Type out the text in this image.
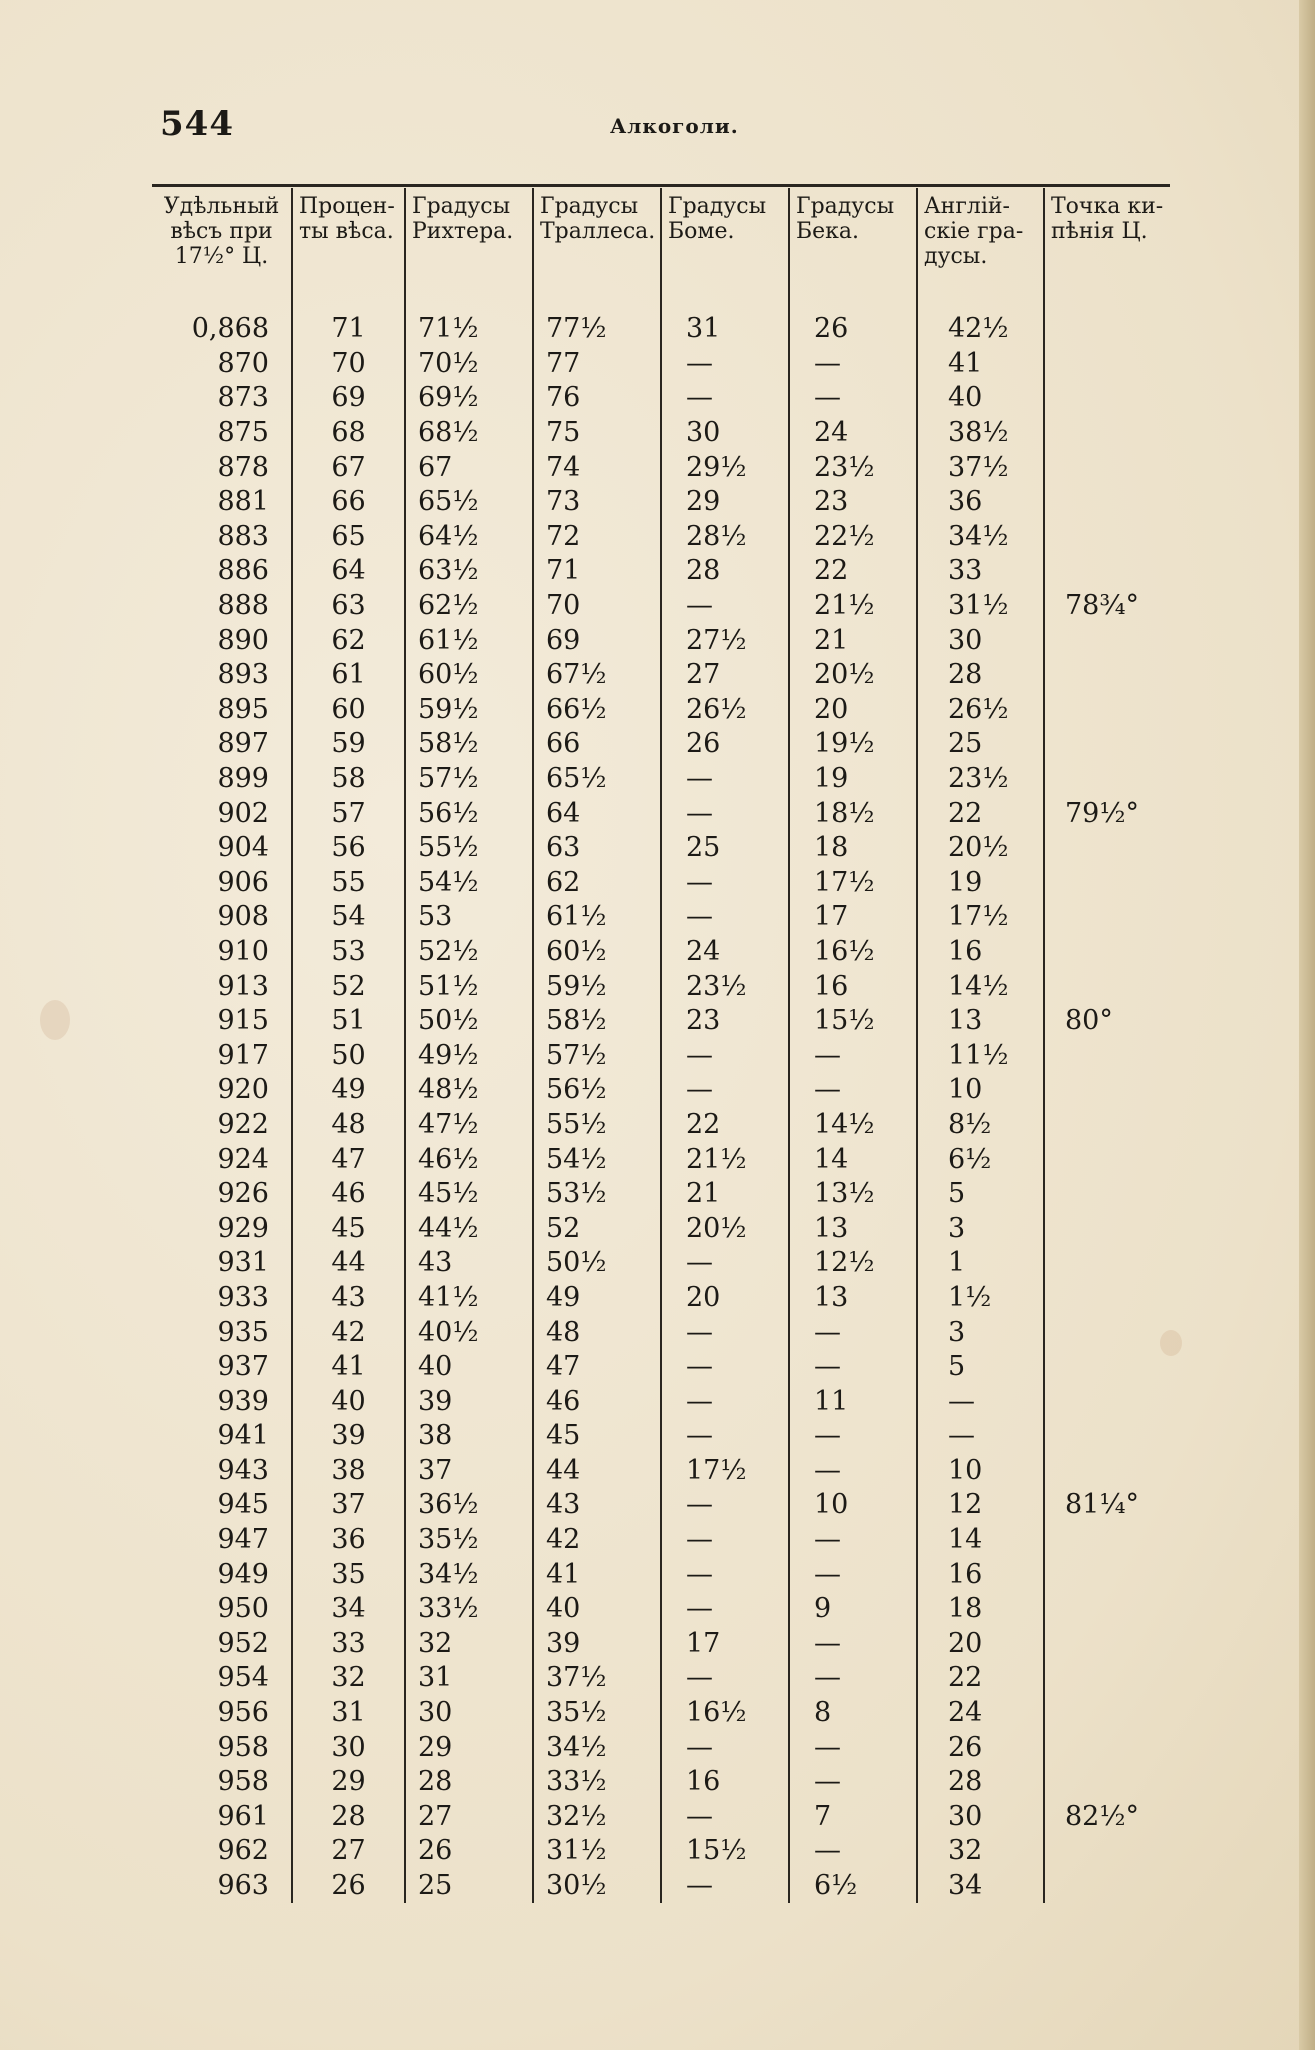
544	Алкоголи.
Удѣльный вѣсъ при 17½° Ц.	Процен-ты вѣса.	Градусы Рихтера.	Градусы Траллеса.	Градусы Боме.	Градусы Бека.	Англій-скіе гра-дусы.	Точка ки-пѣнія Ц.
0,868	71	71½	77½	31	26	42½	
870	70	70½	77	—	—	41	
873	69	69½	76	—	—	40	
875	68	68½	75	30	24	38½	
878	67	67	74	29½	23½	37½	
881	66	65½	73	29	23	36	
883	65	64½	72	28½	22½	34½	
886	64	63½	71	28	22	33	
888	63	62½	70	—	21½	31½	78¾°
890	62	61½	69	27½	21	30	
893	61	60½	67½	27	20½	28	
895	60	59½	66½	26½	20	26½	
897	59	58½	66	26	19½	25	
899	58	57½	65½	—	19	23½	
902	57	56½	64	—	18½	22	79½°
904	56	55½	63	25	18	20½	
906	55	54½	62	—	17½	19	
908	54	53	61½	—	17	17½	
910	53	52½	60½	24	16½	16	
913	52	51½	59½	23½	16	14½	
915	51	50½	58½	23	15½	13	80°
917	50	49½	57½	—	—	11½	
920	49	48½	56½	—	—	10	
922	48	47½	55½	22	14½	8½	
924	47	46½	54½	21½	14	6½	
926	46	45½	53½	21	13½	5	
929	45	44½	52	20½	13	3	
931	44	43	50½	—	12½	1	
933	43	41½	49	20	13	1½	
935	42	40½	48	—	—	3	
937	41	40	47	—	—	5	
939	40	39	46	—	11	—	
941	39	38	45	—	—	—	
943	38	37	44	17½	—	10	
945	37	36½	43	—	10	12	81¼°
947	36	35½	42	—	—	14	
949	35	34½	41	—	—	16	
950	34	33½	40	—	9	18	
952	33	32	39	17	—	20	
954	32	31	37½	—	—	22	
956	31	30	35½	16½	8	24	
958	30	29	34½	—	—	26	
958	29	28	33½	16	—	28	
961	28	27	32½	—	7	30	82½°
962	27	26	31½	15½	—	32	
963	26	25	30½	—	6½	34	
